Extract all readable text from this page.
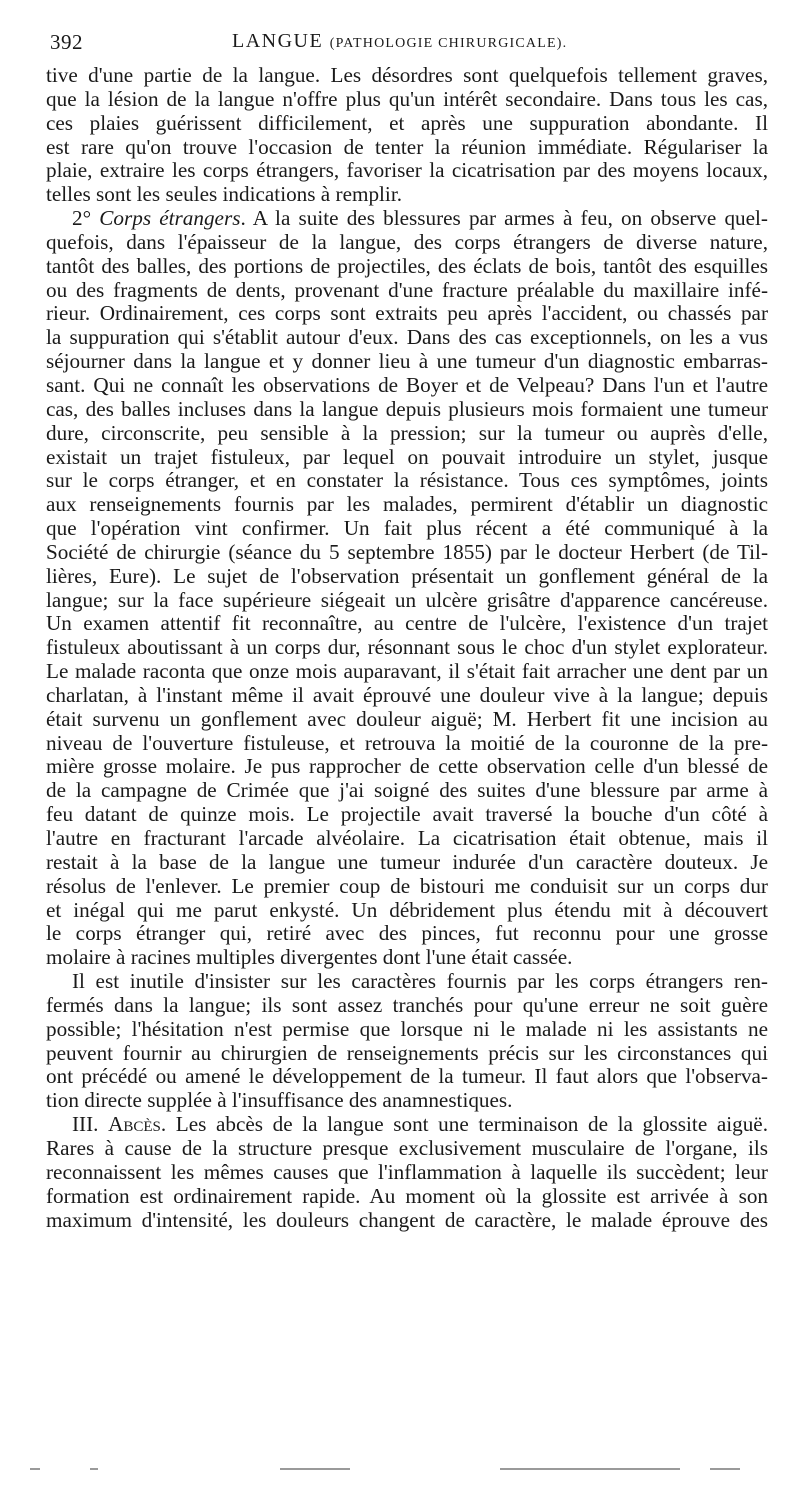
392	LANGUE (PATHOLOGIE CHIRURGICALE).
tive d'une partie de la langue. Les désordres sont quelquefois tellement graves,
que la lésion de la langue n'offre plus qu'un intérêt secondaire. Dans tous les cas,
ces plaies guérissent difficilement, et après une suppuration abondante. Il
est rare qu'on trouve l'occasion de tenter la réunion immédiate. Régulariser la
plaie, extraire les corps étrangers, favoriser la cicatrisation par des moyens locaux,
telles sont les seules indications à remplir.
2° Corps étrangers. A la suite des blessures par armes à feu, on observe quel-
quefois, dans l'épaisseur de la langue, des corps étrangers de diverse nature,
tantôt des balles, des portions de projectiles, des éclats de bois, tantôt des esquilles
ou des fragments de dents, provenant d'une fracture préalable du maxillaire infé-
rieur. Ordinairement, ces corps sont extraits peu après l'accident, ou chassés par
la suppuration qui s'établit autour d'eux. Dans des cas exceptionnels, on les a vus
séjourner dans la langue et y donner lieu à une tumeur d'un diagnostic embarras-
sant. Qui ne connaît les observations de Boyer et de Velpeau? Dans l'un et l'autre
cas, des balles incluses dans la langue depuis plusieurs mois formaient une tumeur
dure, circonscrite, peu sensible à la pression; sur la tumeur ou auprès d'elle,
existait un trajet fistuleux, par lequel on pouvait introduire un stylet, jusque
sur le corps étranger, et en constater la résistance. Tous ces symptômes, joints
aux renseignements fournis par les malades, permirent d'établir un diagnostic
que l'opération vint confirmer. Un fait plus récent a été communiqué à la
Société de chirurgie (séance du 5 septembre 1855) par le docteur Herbert (de Til-
lières, Eure). Le sujet de l'observation présentait un gonflement général de la
langue; sur la face supérieure siégeait un ulcère grisâtre d'apparence cancéreuse.
Un examen attentif fit reconnaître, au centre de l'ulcère, l'existence d'un trajet
fistuleux aboutissant à un corps dur, résonnant sous le choc d'un stylet explorateur.
Le malade raconta que onze mois auparavant, il s'était fait arracher une dent par un
charlatan, à l'instant même il avait éprouvé une douleur vive à la langue; depuis
était survenu un gonflement avec douleur aiguë; M. Herbert fit une incision au
niveau de l'ouverture fistuleuse, et retrouva la moitié de la couronne de la pre-
mière grosse molaire. Je pus rapprocher de cette observation celle d'un blessé de
de la campagne de Crimée que j'ai soigné des suites d'une blessure par arme à
feu datant de quinze mois. Le projectile avait traversé la bouche d'un côté à
l'autre en fracturant l'arcade alvéolaire. La cicatrisation était obtenue, mais il
restait à la base de la langue une tumeur indurée d'un caractère douteux. Je
résolus de l'enlever. Le premier coup de bistouri me conduisit sur un corps dur
et inégal qui me parut enkysté. Un débridement plus étendu mit à découvert
le corps étranger qui, retiré avec des pinces, fut reconnu pour une grosse
molaire à racines multiples divergentes dont l'une était cassée.
Il est inutile d'insister sur les caractères fournis par les corps étrangers ren-
fermés dans la langue; ils sont assez tranchés pour qu'une erreur ne soit guère
possible; l'hésitation n'est permise que lorsque ni le malade ni les assistants ne
peuvent fournir au chirurgien de renseignements précis sur les circonstances qui
ont précédé ou amené le développement de la tumeur. Il faut alors que l'observa-
tion directe supplée à l'insuffisance des anamnestiques.
III. Abcès. Les abcès de la langue sont une terminaison de la glossite aiguë.
Rares à cause de la structure presque exclusivement musculaire de l'organe, ils
reconnaissent les mêmes causes que l'inflammation à laquelle ils succèdent; leur
formation est ordinairement rapide. Au moment où la glossite est arrivée à son
maximum d'intensité, les douleurs changent de caractère, le malade éprouve des
